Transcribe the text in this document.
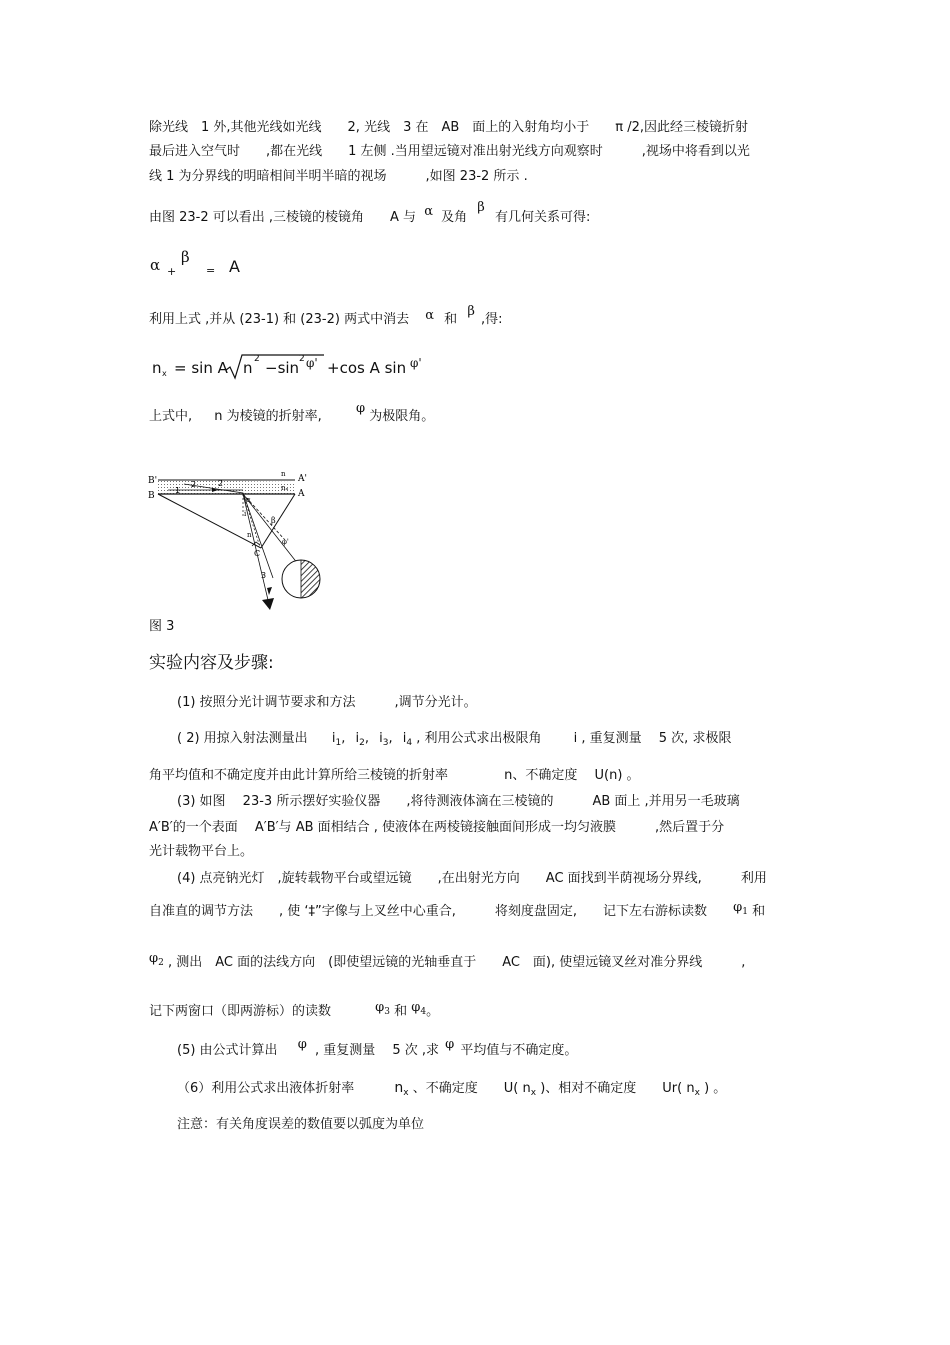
除光线　1 外,其他光线如光线　　2, 光线　3 在　AB　面上的入射角均小于　　π /2,因此经三棱镜折射
最后进入空气时　　,都在光线　　1 左侧 .当用望远镜对准出射光线方向观察时　　　,视场中将看到以光
线 1 为分界线的明暗相间半明半暗的视场　　　,如图 23-2 所示 .
由图 23-2 可以看出 ,三棱镜的棱镜角　　A 与 α 及角 β 有几何关系可得:
α +
β
= A
利用上式 ,并从 (23-1) 和 (23-2) 两式中消去 α 和 β ,得:
n x = sin A n 2 −sin 2 φ' +cos A sin φ'
上式中, n 为棱镜的折射率, φ 为极限角。
B'
B
A'
A
n
nₓ
n
1
2	2
3
α
β
C
i
φ'
图 3
实验内容及步骤:
(1) 按照分光计调节要求和方法　　　,调节分光计。
( 2) 用掠入射法测量出 $i_1$, $i_2$, $i_3$, $i_4$ , 利用公式求出极限角 i , 重复测量　 5 次, 求极限
角平均值和不确定度并由此计算所给三棱镜的折射率　　　　 n、不确定度　 U(n) 。
(3) 如图　 23-3 所示摆好实验仪器　　,将待测液体滴在三棱镜的　　　AB 面上 ,并用另一毛玻璃
A′B′的一个表面　 A′B′与 AB 面相结合 , 使液体在两棱镜接触面间形成一均匀液膜　　　,然后置于分
光计载物平台上。
(4) 点亮钠光灯　,旋转载物平台或望远镜　　,在出射光方向　　AC 面找到半荫视场分界线,　　　利用
自准直的调节方法　　, 使 ‘‡”字像与上叉丝中心重合,　　　将刻度盘固定,　　记下左右游标读数 $\varphi_1$ 和
$\varphi_2$ , 测出　AC 面的法线方向　(即使望远镜的光轴垂直于　　AC　面), 使望远镜叉丝对准分界线　　　,
记下两窗口（即两游标）的读数	$\varphi_3$ 和 $\varphi_4$。
(5) 由公式计算出 φ , 重复测量　 5 次 ,求 φ 平均值与不确定度。
（6）利用公式求出液体折射率	$n_x$ 、不确定度　　U( $n_x$ )、相对不确定度　　Ur( $n_x$ ) 。
注意：有关角度误差的数值要以弧度为单位
